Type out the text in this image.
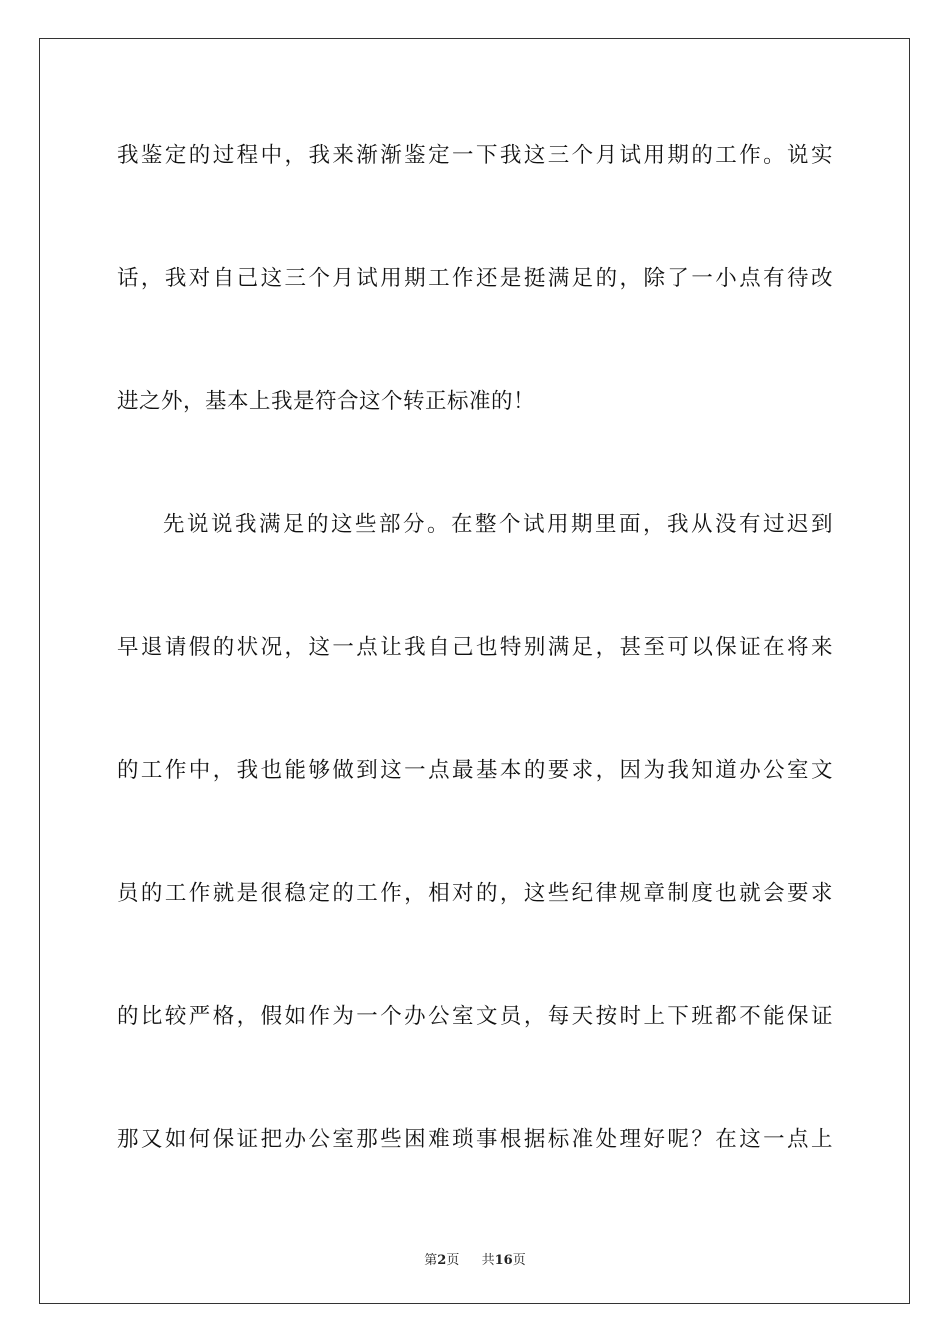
我鉴定的过程中，我来渐渐鉴定一下我这三个月试用期的工作。说实
话，我对自己这三个月试用期工作还是挺满足的，除了一小点有待改
进之外，基本上我是符合这个转正标准的！
先说说我满足的这些部分。在整个试用期里面，我从没有过迟到
早退请假的状况，这一点让我自己也特别满足，甚至可以保证在将来
的工作中，我也能够做到这一点最基本的要求，因为我知道办公室文
员的工作就是很稳定的工作，相对的，这些纪律规章制度也就会要求
的比较严格，假如作为一个办公室文员，每天按时上下班都不能保证
那又如何保证把办公室那些困难琐事根据标准处理好呢？在这一点上
第2页 共16页
